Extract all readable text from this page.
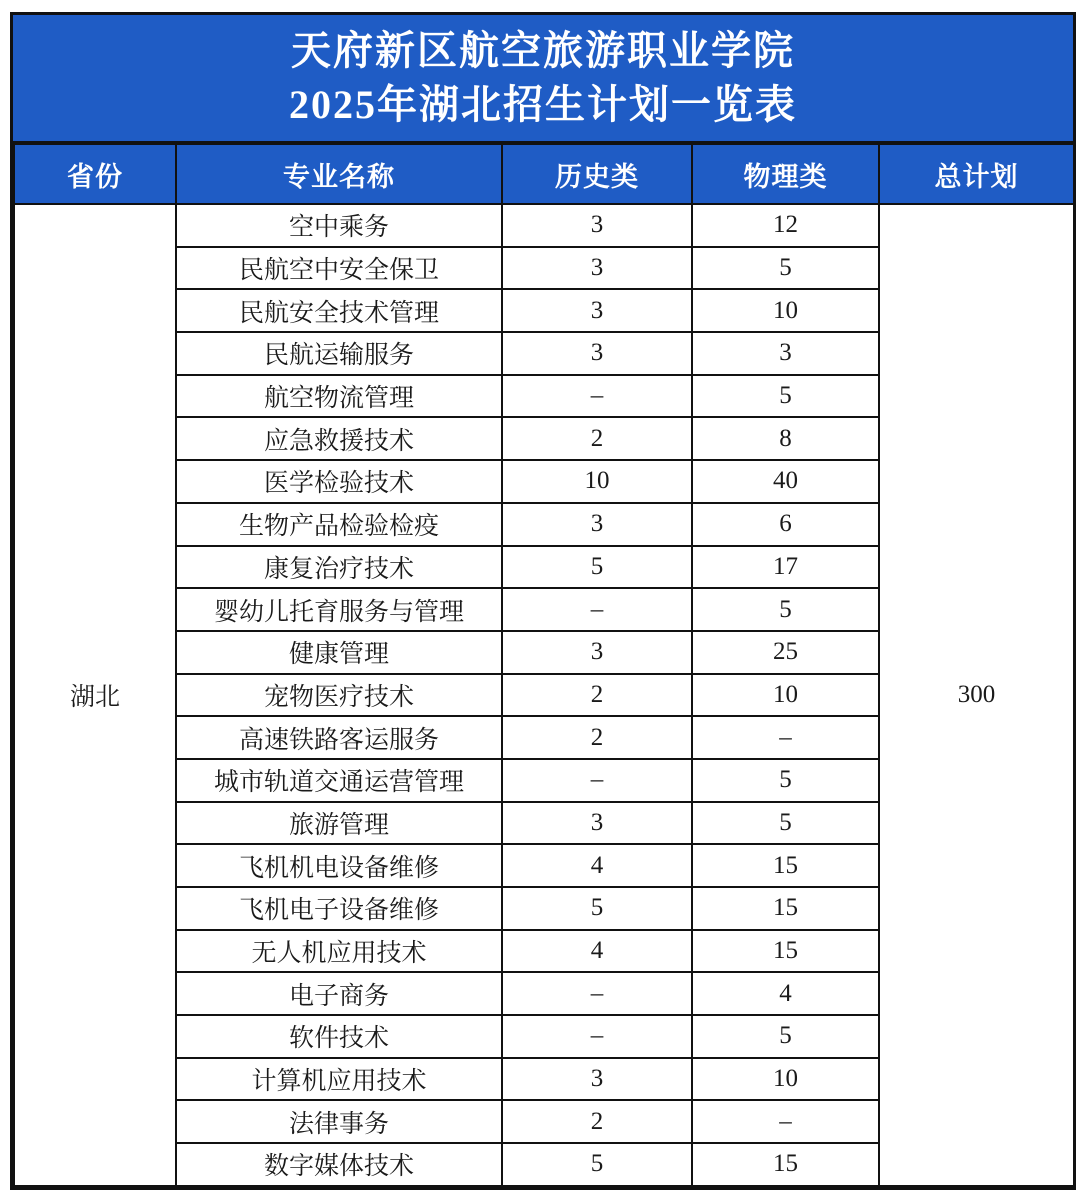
天府新区航空旅游职业学院
2025年湖北招生计划一览表
省份	专业名称	历史类	物理类	总计划
湖北	空中乘务	3	12	300
	民航空中安全保卫	3	5	
	民航安全技术管理	3	10	
	民航运输服务	3	3	
	航空物流管理	–	5	
	应急救援技术	2	8	
	医学检验技术	10	40	
	生物产品检验检疫	3	6	
	康复治疗技术	5	17	
	婴幼儿托育服务与管理	–	5	
	健康管理	3	25	
	宠物医疗技术	2	10	
	高速铁路客运服务	2	–	
	城市轨道交通运营管理	–	5	
	旅游管理	3	5	
	飞机机电设备维修	4	15	
	飞机电子设备维修	5	15	
	无人机应用技术	4	15	
	电子商务	–	4	
	软件技术	–	5	
	计算机应用技术	3	10	
	法律事务	2	–	
	数字媒体技术	5	15	
